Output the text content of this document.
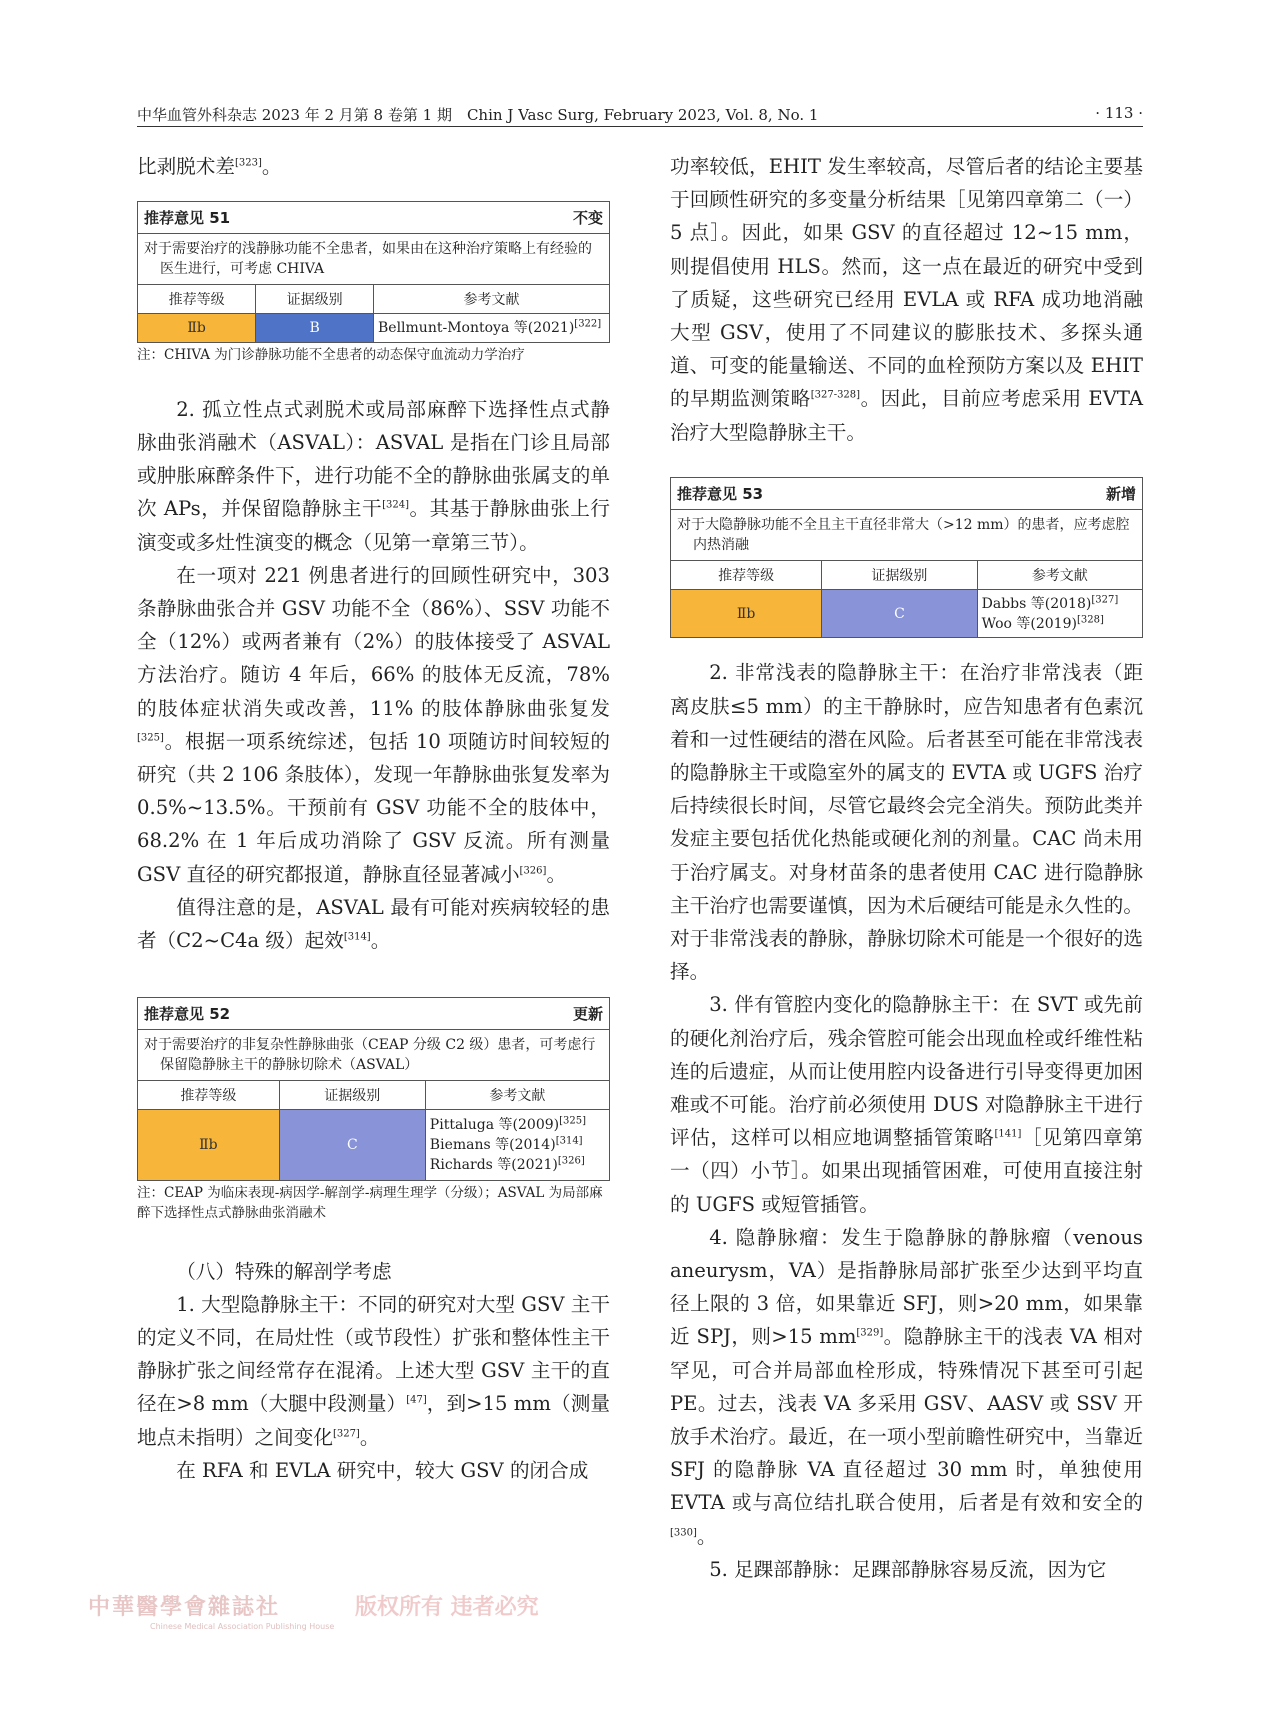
中华血管外科杂志 2023 年 2 月第 8 卷第 1 期　Chin J Vasc Surg, February 2023, Vol. 8, No. 1	· 113 ·

比剥脱术差[323]。

推荐意见 51	不变
对于需要治疗的浅静脉功能不全患者，如果由在这种治疗策略上有经验的医生进行，可考虑 CHIVA
推荐等级	证据级别	参考文献
Ⅱb	B	Bellmunt-Montoya 等(2021)[322]
注：CHIVA 为门诊静脉功能不全患者的动态保守血流动力学治疗

2. 孤立性点式剥脱术或局部麻醉下选择性点式静脉曲张消融术（ASVAL）：ASVAL 是指在门诊且局部或肿胀麻醉条件下，进行功能不全的静脉曲张属支的单次 APs，并保留隐静脉主干[324]。其基于静脉曲张上行演变或多灶性演变的概念（见第一章第三节）。

在一项对 221 例患者进行的回顾性研究中，303 条静脉曲张合并 GSV 功能不全（86%）、SSV 功能不全（12%）或两者兼有（2%）的肢体接受了 ASVAL 方法治疗。随访 4 年后，66% 的肢体无反流，78% 的肢体症状消失或改善，11% 的肢体静脉曲张复发[325]。根据一项系统综述，包括 10 项随访时间较短的研究（共 2 106 条肢体），发现一年静脉曲张复发率为 0.5%~13.5%。干预前有 GSV 功能不全的肢体中，68.2% 在 1 年后成功消除了 GSV 反流。所有测量 GSV 直径的研究都报道，静脉直径显著减小[326]。

值得注意的是，ASVAL 最有可能对疾病较轻的患者（C2~C4a 级）起效[314]。

推荐意见 52	更新
对于需要治疗的非复杂性静脉曲张（CEAP 分级 C2 级）患者，可考虑行保留隐静脉主干的静脉切除术（ASVAL）
推荐等级	证据级别	参考文献
Ⅱb	C	Pittaluga 等(2009)[325]
Biemans 等(2014)[314]
Richards 等(2021)[326]
注：CEAP 为临床表现-病因学-解剖学-病理生理学（分级）；ASVAL 为局部麻醉下选择性点式静脉曲张消融术

（八）特殊的解剖学考虑

1. 大型隐静脉主干：不同的研究对大型 GSV 主干的定义不同，在局灶性（或节段性）扩张和整体性主干静脉扩张之间经常存在混淆。上述大型 GSV 主干的直径在>8 mm（大腿中段测量）[47]，到>15 mm（测量地点未指明）之间变化[327]。

在 RFA 和 EVLA 研究中，较大 GSV 的闭合成

功率较低，EHIT 发生率较高，尽管后者的结论主要基于回顾性研究的多变量分析结果［见第四章第二（一）5 点］。因此，如果 GSV 的直径超过 12~15 mm，则提倡使用 HLS。然而，这一点在最近的研究中受到了质疑，这些研究已经用 EVLA 或 RFA 成功地消融大型 GSV，使用了不同建议的膨胀技术、多探头通道、可变的能量输送、不同的血栓预防方案以及 EHIT 的早期监测策略[327-328]。因此，目前应考虑采用 EVTA 治疗大型隐静脉主干。

推荐意见 53	新增
对于大隐静脉功能不全且主干直径非常大（>12 mm）的患者，应考虑腔内热消融
推荐等级	证据级别	参考文献
Ⅱb	C	Dabbs 等(2018)[327]
Woo 等(2019)[328]

2. 非常浅表的隐静脉主干：在治疗非常浅表（距离皮肤≤5 mm）的主干静脉时，应告知患者有色素沉着和一过性硬结的潜在风险。后者甚至可能在非常浅表的隐静脉主干或隐室外的属支的 EVTA 或 UGFS 治疗后持续很长时间，尽管它最终会完全消失。预防此类并发症主要包括优化热能或硬化剂的剂量。CAC 尚未用于治疗属支。对身材苗条的患者使用 CAC 进行隐静脉主干治疗也需要谨慎，因为术后硬结可能是永久性的。对于非常浅表的静脉，静脉切除术可能是一个很好的选择。

3. 伴有管腔内变化的隐静脉主干：在 SVT 或先前的硬化剂治疗后，残余管腔可能会出现血栓或纤维性粘连的后遗症，从而让使用腔内设备进行引导变得更加困难或不可能。治疗前必须使用 DUS 对隐静脉主干进行评估，这样可以相应地调整插管策略[141]［见第四章第一（四）小节］。如果出现插管困难，可使用直接注射的 UGFS 或短管插管。

4. 隐静脉瘤：发生于隐静脉的静脉瘤（venous aneurysm，VA）是指静脉局部扩张至少达到平均直径上限的 3 倍，如果靠近 SFJ，则>20 mm，如果靠近 SPJ，则>15 mm[329]。隐静脉主干的浅表 VA 相对罕见，可合并局部血栓形成，特殊情况下甚至可引起 PE。过去，浅表 VA 多采用 GSV、AASV 或 SSV 开放手术治疗。最近，在一项小型前瞻性研究中，当靠近 SFJ 的隐静脉 VA 直径超过 30 mm 时，单独使用 EVTA 或与高位结扎联合使用，后者是有效和安全的[330]。

5. 足踝部静脉：足踝部静脉容易反流，因为它

中華醫學會雜誌社
Chinese Medical Association Publishing House
版权所有 违者必究
